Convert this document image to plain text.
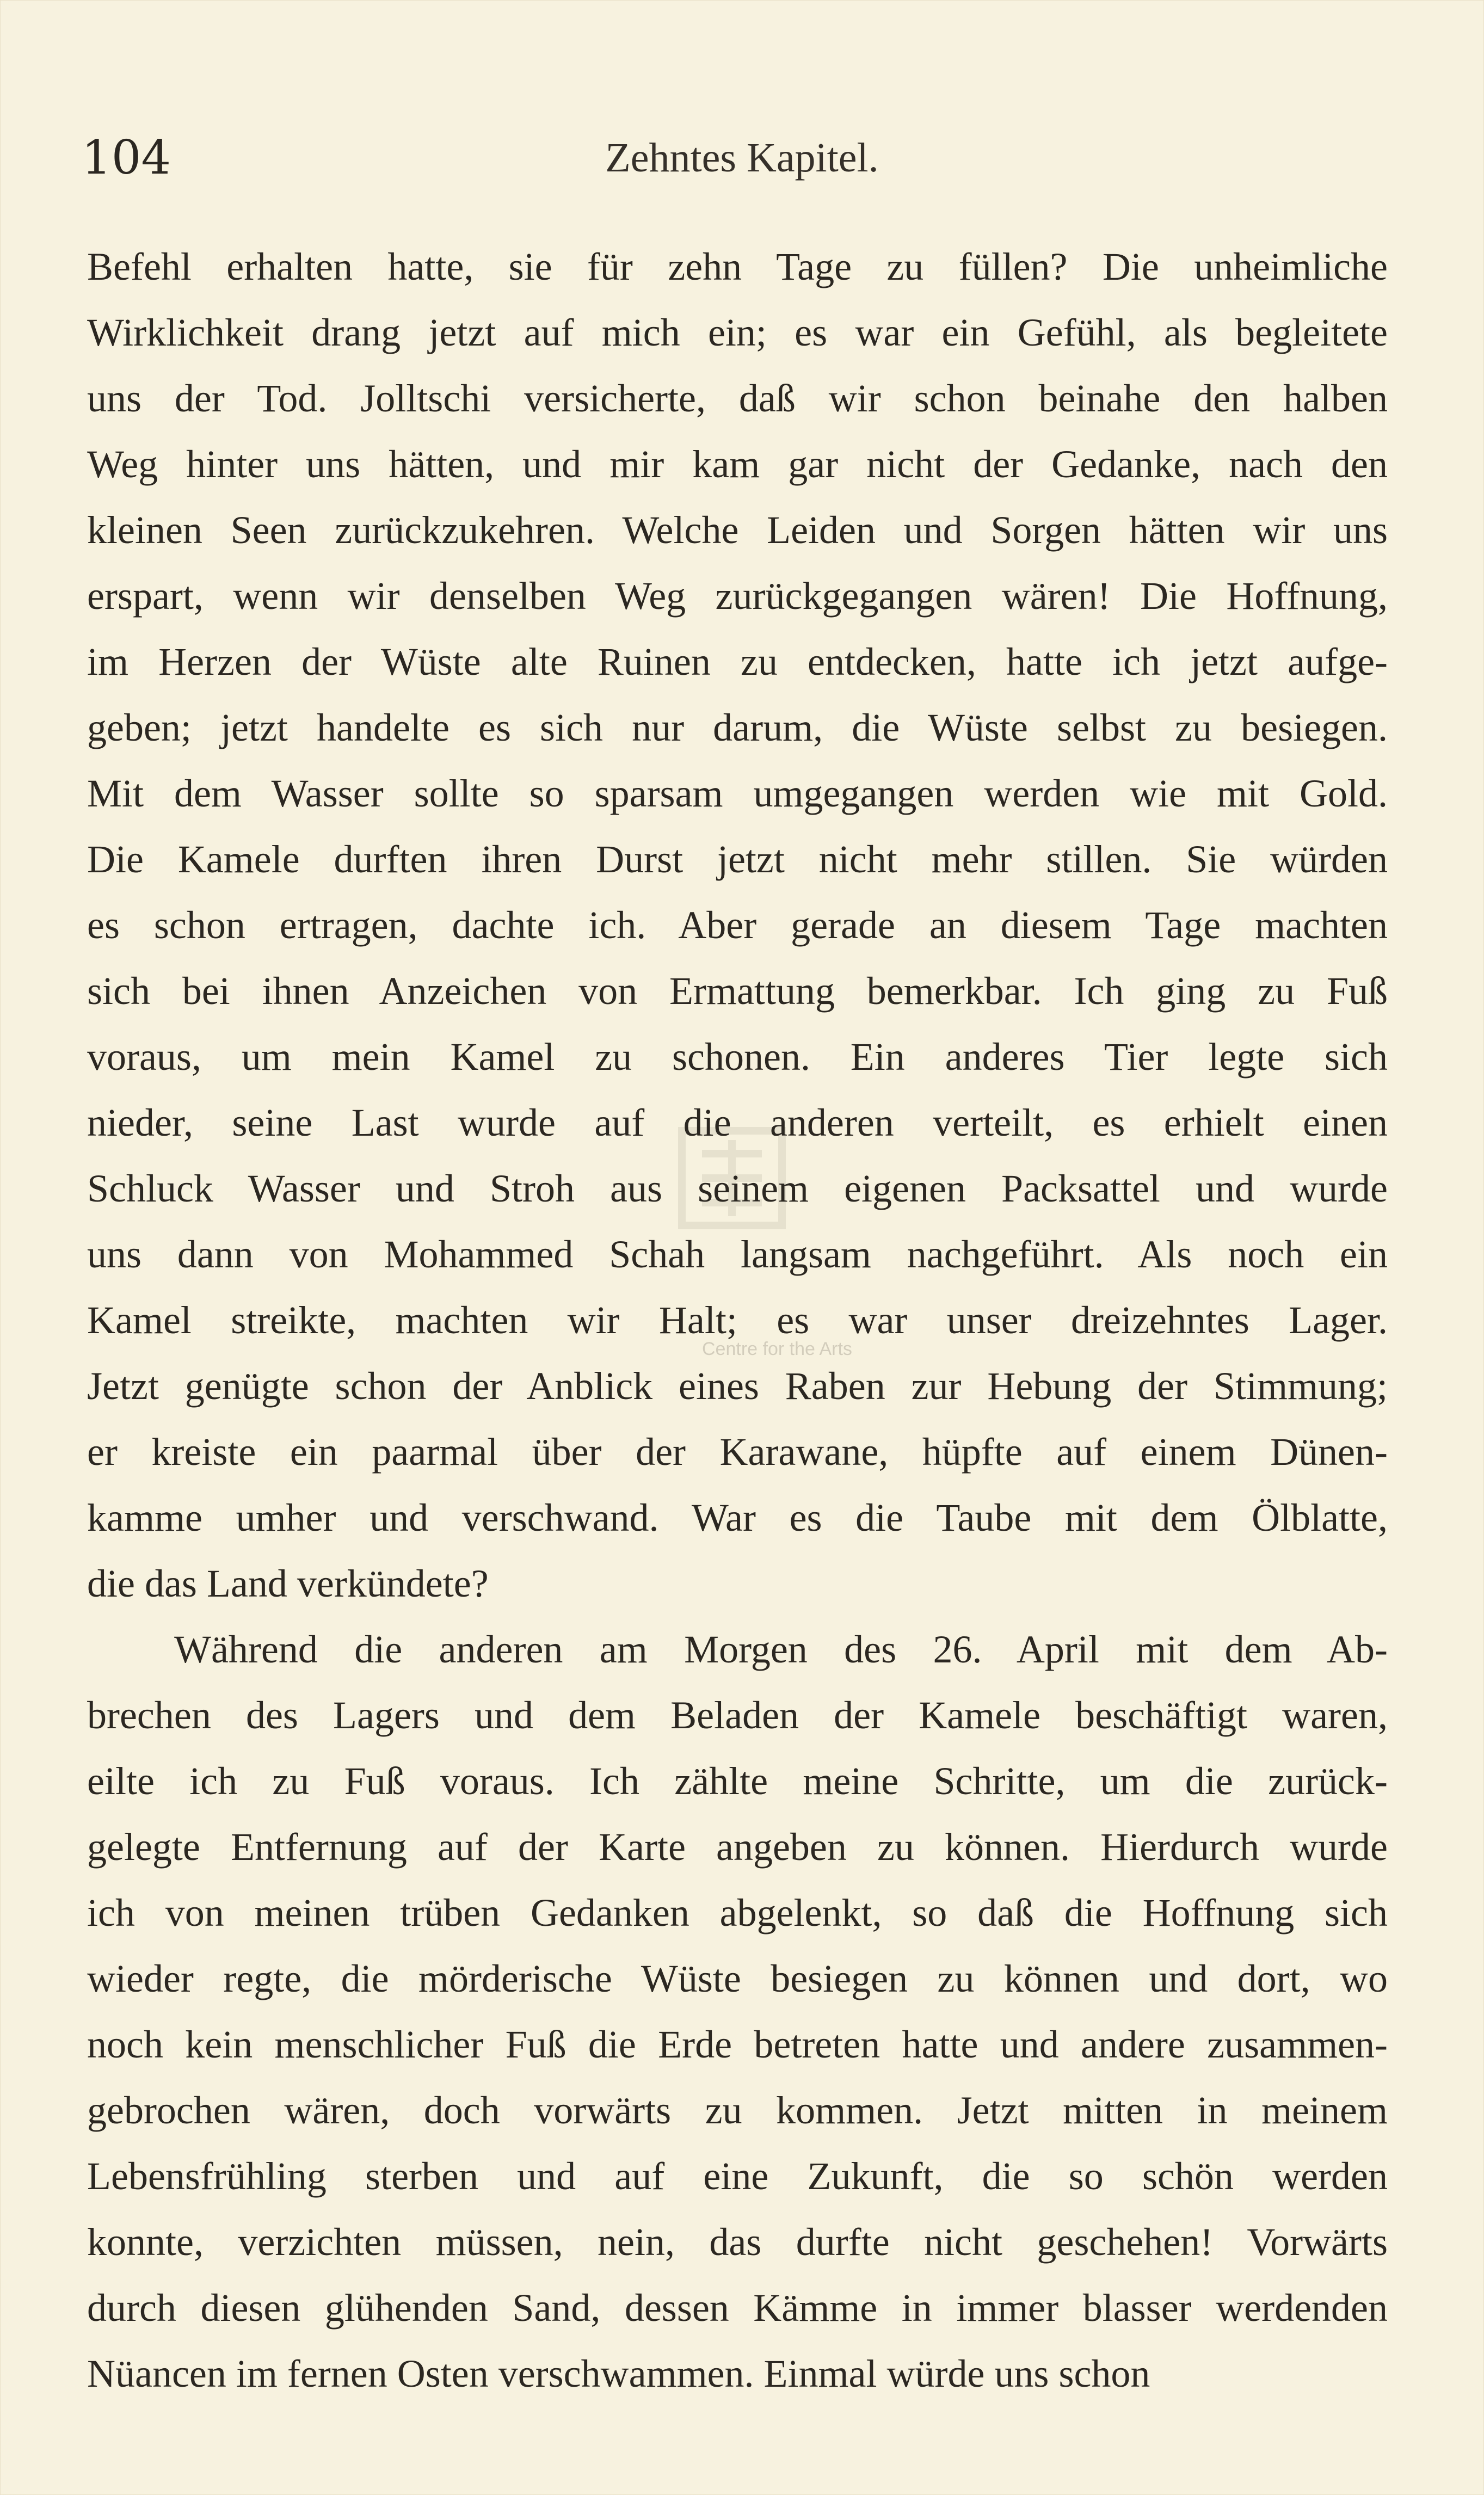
104	Zehntes Kapitel.
Centre for the Arts
Befehl erhalten hatte, sie für zehn Tage zu füllen? Die unheimliche
Wirklichkeit drang jetzt auf mich ein; es war ein Gefühl, als begleitete
uns der Tod. Jolltschi versicherte, daß wir schon beinahe den halben
Weg hinter uns hätten, und mir kam gar nicht der Gedanke, nach den
kleinen Seen zurückzukehren. Welche Leiden und Sorgen hätten wir uns
erspart, wenn wir denselben Weg zurückgegangen wären! Die Hoffnung,
im Herzen der Wüste alte Ruinen zu entdecken, hatte ich jetzt aufge-
geben; jetzt handelte es sich nur darum, die Wüste selbst zu besiegen.
Mit dem Wasser sollte so sparsam umgegangen werden wie mit Gold.
Die Kamele durften ihren Durst jetzt nicht mehr stillen. Sie würden
es schon ertragen, dachte ich. Aber gerade an diesem Tage machten
sich bei ihnen Anzeichen von Ermattung bemerkbar. Ich ging zu Fuß
voraus, um mein Kamel zu schonen. Ein anderes Tier legte sich
nieder, seine Last wurde auf die anderen verteilt, es erhielt einen
Schluck Wasser und Stroh aus seinem eigenen Packsattel und wurde
uns dann von Mohammed Schah langsam nachgeführt. Als noch ein
Kamel streikte, machten wir Halt; es war unser dreizehntes Lager.
Jetzt genügte schon der Anblick eines Raben zur Hebung der Stimmung;
er kreiste ein paarmal über der Karawane, hüpfte auf einem Dünen-
kamme umher und verschwand. War es die Taube mit dem Ölblatte,
die das Land verkündete?
Während die anderen am Morgen des 26. April mit dem Ab-
brechen des Lagers und dem Beladen der Kamele beschäftigt waren,
eilte ich zu Fuß voraus. Ich zählte meine Schritte, um die zurück-
gelegte Entfernung auf der Karte angeben zu können. Hierdurch wurde
ich von meinen trüben Gedanken abgelenkt, so daß die Hoffnung sich
wieder regte, die mörderische Wüste besiegen zu können und dort, wo
noch kein menschlicher Fuß die Erde betreten hatte und andere zusammen-
gebrochen wären, doch vorwärts zu kommen. Jetzt mitten in meinem
Lebensfrühling sterben und auf eine Zukunft, die so schön werden
konnte, verzichten müssen, nein, das durfte nicht geschehen! Vorwärts
durch diesen glühenden Sand, dessen Kämme in immer blasser werdenden
Nüancen im fernen Osten verschwammen. Einmal würde uns schon
